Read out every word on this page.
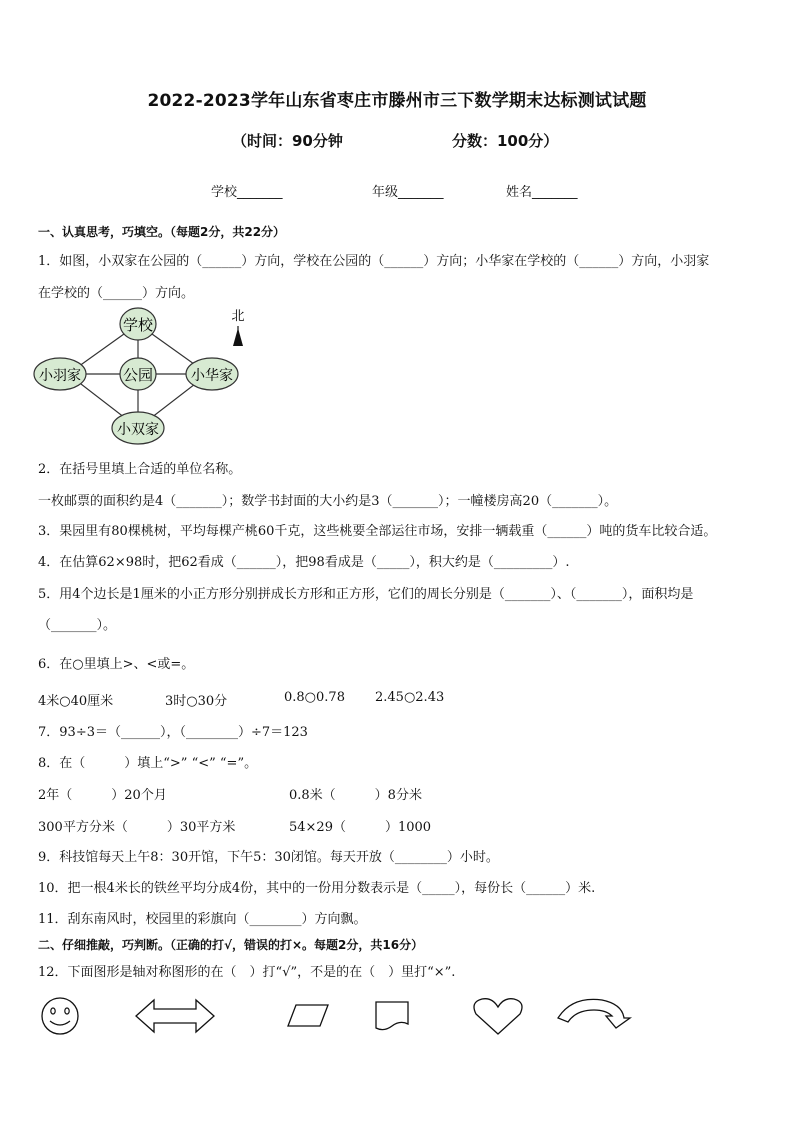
2022-2023学年山东省枣庄市滕州市三下数学期末达标测试试题
（时间：90分钟	分数：100分）
学校_______	年级_______	姓名_______
一、认真思考，巧填空。（每题2分，共22分）
1．如图，小双家在公园的（______）方向，学校在公园的（______）方向；小华家在学校的（______）方向，小羽家
在学校的（______）方向。
学校
小羽家	公园	小华家
小双家
北
2．在括号里填上合适的单位名称。
一枚邮票的面积约是4（_______）；数学书封面的大小约是3（_______）；一幢楼房高20（_______）。
3．果园里有80棵桃树，平均每棵产桃60千克，这些桃要全部运往市场，安排一辆载重（______）吨的货车比较合适。
4．在估算62×98时，把62看成（______），把98看成是（_____），积大约是（_________）.
5．用4个边长是1厘米的小正方形分别拼成长方形和正方形，它们的周长分别是（_______）、（_______），面积均是
（_______）。
6．在○里填上>、<或=。
4米○40厘米	3时○30分	0.8○0.78 2.45○2.43
7．93÷3＝（______），（________）÷7＝123
8．在（　　　）填上“>” “<” “=”。
2年（　　　）20个月	0.8米（　　　）8分米
300平方分米（　　　）30平方米	54×29（　　　）1000
9．科技馆每天上午8：30开馆，下午5：30闭馆。每天开放（________）小时。
10．把一根4米长的铁丝平均分成4份，其中的一份用分数表示是（_____），每份长（______）米.
11．刮东南风时，校园里的彩旗向（________）方向飘。
二、仔细推敲，巧判断。（正确的打√，错误的打×。每题2分，共16分）
12．下面图形是轴对称图形的在（　）打“√”，不是的在（　）里打“×”.
